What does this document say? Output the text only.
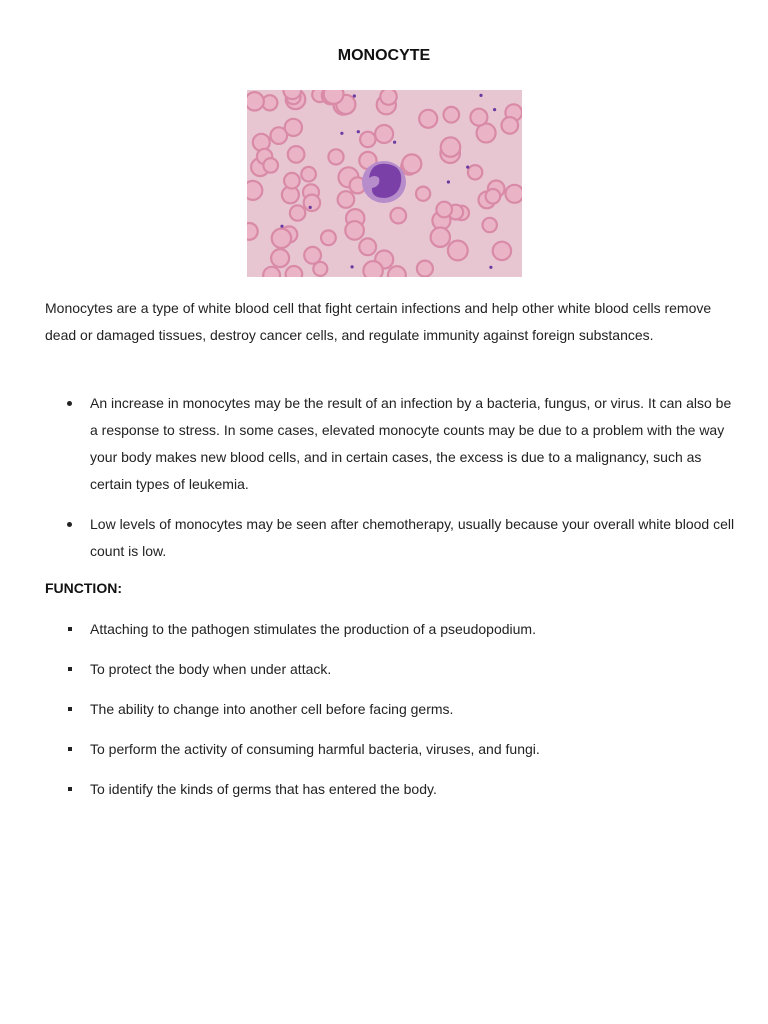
MONOCYTE

Monocytes are a type of white blood cell that fight certain infections and help other white blood cells remove dead or damaged tissues, destroy cancer cells, and regulate immunity against foreign substances.

An increase in monocytes may be the result of an infection by a bacteria, fungus, or virus. It can also be a response to stress. In some cases, elevated monocyte counts may be due to a problem with the way your body makes new blood cells, and in certain cases, the excess is due to a malignancy, such as certain types of leukemia.
Low levels of monocytes may be seen after chemotherapy, usually because your overall white blood cell count is low.
FUNCTION:
Attaching to the pathogen stimulates the production of a pseudopodium.
To protect the body when under attack.
The ability to change into another cell before facing germs.
To perform the activity of consuming harmful bacteria, viruses, and fungi.
To identify the kinds of germs that has entered the body.
